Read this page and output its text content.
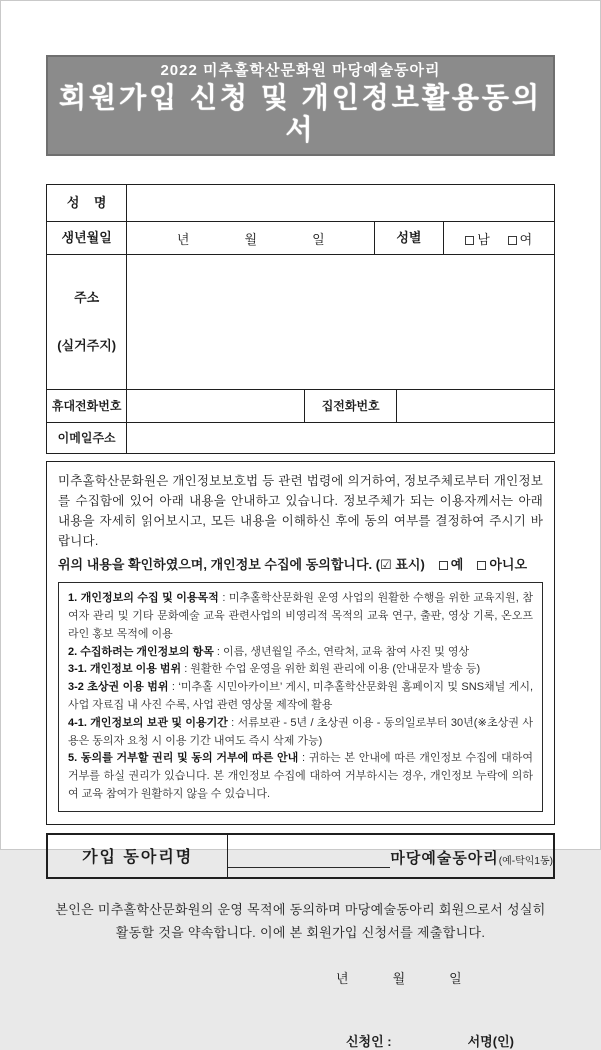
2022 미추홀학산문화원 마당예술동아리
회원가입 신청 및 개인정보활용동의서
성    명					
생년월일	년 월 일		성별		남 여

주소

(실거주지)					

휴대전화번호		집전화번호			
이메일주소					
미추홀학산문화원은 개인정보보호법 등 관련 법령에 의거하여, 정보주체로부터 개인정보를 수집함에 있어 아래 내용을 안내하고 있습니다. 정보주체가 되는 이용자께서는 아래 내용을 자세히 읽어보시고, 모든 내용을 이해하신 후에 동의 여부를 결정하여 주시기 바랍니다.
위의 내용을 확인하였으며, 개인정보 수집에 동의합니다. (☑ 표시)	예	아니오
1. 개인정보의 수집 및 이용목적 : 미추홀학산문화원 운영 사업의 원활한 수행을 위한 교육지원, 참여자 관리 및 기타 문화예술 교육 관련사업의 비영리적 목적의 교육 연구, 출판, 영상 기록, 온오프라인 홍보 목적에 이용
2. 수집하려는 개인정보의 항목 : 이름, 생년월일 주소, 연락처, 교육 참여 사진 및 영상
3-1. 개인정보 이용 범위 : 원활한 수업 운영을 위한 회원 관리에 이용 (안내문자 발송 등)
3-2 초상권 이용 범위 : ‘미추홀 시민아카이브’ 게시, 미추홀학산문화원 홈페이지 및 SNS채널 게시, 사업 자료집 내 사진 수록, 사업 관련 영상물 제작에 활용
4-1. 개인정보의 보관 및 이용기간 : 서류보관 - 5년 / 초상권 이용 - 동의일로부터 30년(※초상권 사용은 동의자 요청 시 이용 기간 내여도 즉시 삭제 가능)
5. 동의를 거부할 권리 및 동의 거부에 따른 안내 : 귀하는 본 안내에 따른 개인정보 수집에 대하여 거부를 하실 권리가 있습니다. 본 개인정보 수집에 대하여 거부하시는 경우, 개인정보 누락에 의하여 교육 참여가 원활하지 않을 수 있습니다.
가입 동아리명	마당예술동아리 (예-탁익1동)
본인은 미추홀학산문화원의 운영 목적에 동의하며 마당예술동아리 회원으로서 성실히
활동할 것을 약속합니다. 이에 본 회원가입 신청서를 제출합니다.
년	월	일
신청인 :	서명(인)
